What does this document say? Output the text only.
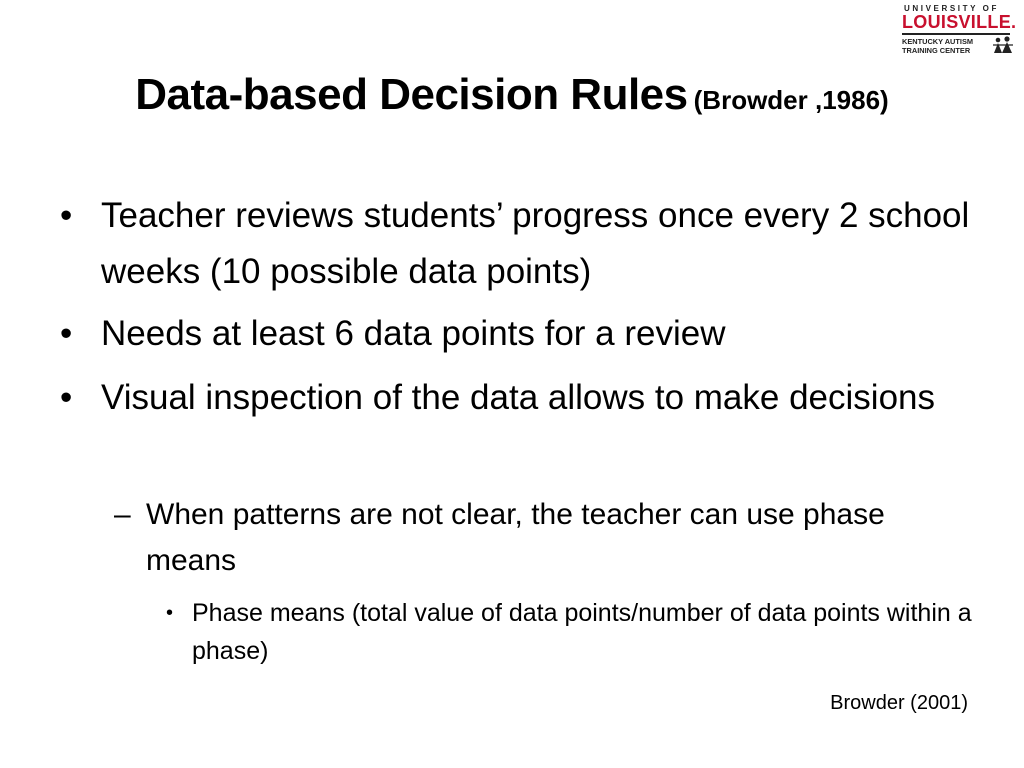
UNIVERSITY OF
LOUISVILLE.
KENTUCKY AUTISM
TRAINING CENTER
Data-based Decision Rules (Browder ,1986)
• Teacher reviews students’ progress once every 2 school weeks (10 possible data points)
• Needs at least 6 data points for a review
• Visual inspection of the data allows to make decisions
– When patterns are not clear, the teacher can use phase means
• Phase means (total value of data points/number of data points within a phase)
Browder (2001)
